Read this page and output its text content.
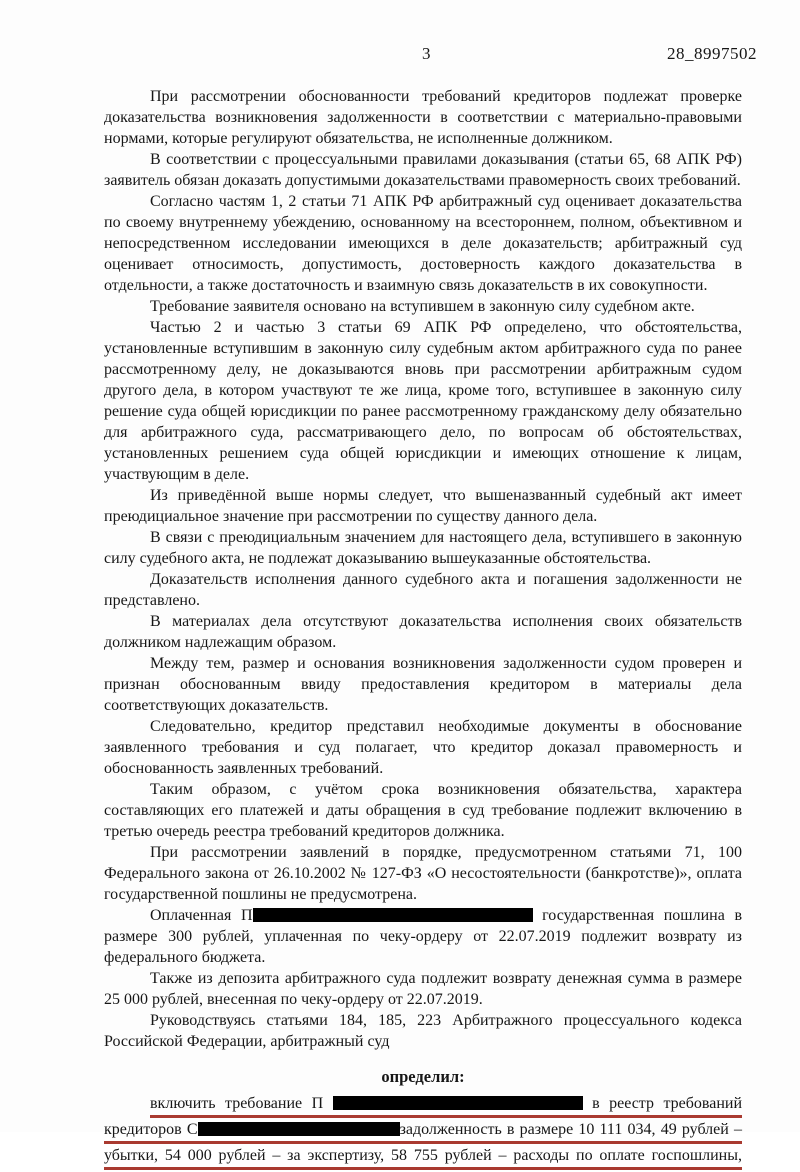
3	28_8997502

При рассмотрении обоснованности требований кредиторов подлежат проверке доказательства возникновения задолженности в соответствии с материально-правовыми нормами, которые регулируют обязательства, не исполненные должником.

В соответствии с процессуальными правилами доказывания (статьи 65, 68 АПК РФ) заявитель обязан доказать допустимыми доказательствами правомерность своих требований.

Согласно частям 1, 2 статьи 71 АПК РФ арбитражный суд оценивает доказательства по своему внутреннему убеждению, основанному на всестороннем, полном, объективном и непосредственном исследовании имеющихся в деле доказательств; арбитражный суд оценивает относимость, допустимость, достоверность каждого доказательства в отдельности, а также достаточность и взаимную связь доказательств в их совокупности.

Требование заявителя основано на вступившем в законную силу судебном акте.

Частью 2 и частью 3 статьи 69 АПК РФ определено, что обстоятельства, установленные вступившим в законную силу судебным актом арбитражного суда по ранее рассмотренному делу, не доказываются вновь при рассмотрении арбитражным судом другого дела, в котором участвуют те же лица, кроме того, вступившее в законную силу решение суда общей юрисдикции по ранее рассмотренному гражданскому делу обязательно для арбитражного суда, рассматривающего дело, по вопросам об обстоятельствах, установленных решением суда общей юрисдикции и имеющих отношение к лицам, участвующим в деле.

Из приведённой выше нормы следует, что вышеназванный судебный акт имеет преюдициальное значение при рассмотрении по существу данного дела.

В связи с преюдициальным значением для настоящего дела, вступившего в законную силу судебного акта, не подлежат доказыванию вышеуказанные обстоятельства.

Доказательств исполнения данного судебного акта и погашения задолженности не представлено.

В материалах дела отсутствуют доказательства исполнения своих обязательств должником надлежащим образом.

Между тем, размер и основания возникновения задолженности судом проверен и признан обоснованным ввиду предоставления кредитором в материалы дела соответствующих доказательств.

Следовательно, кредитор представил необходимые документы в обоснование заявленного требования и суд полагает, что кредитор доказал правомерность и обоснованность заявленных требований.

Таким образом, с учётом срока возникновения обязательства, характера составляющих его платежей и даты обращения в суд требование подлежит включению в третью очередь реестра требований кредиторов должника.

При рассмотрении заявлений в порядке, предусмотренном статьями 71, 100 Федерального закона от 26.10.2002 № 127-ФЗ «О несостоятельности (банкротстве)», оплата государственной пошлины не предусмотрена.

Оплаченная П	государственная пошлина в размере 300 рублей, уплаченная по чеку-ордеру от 22.07.2019 подлежит возврату из федерального бюджета.

Также из депозита арбитражного суда подлежит возврату денежная сумма в размере 25 000 рублей, внесенная по чеку-ордеру от 22.07.2019.

Руководствуясь статьями 184, 185, 223 Арбитражного процессуального кодекса Российской Федерации, арбитражный суд

определил:

включить требование П	в реестр требований
кредиторов С	задолженность в размере 10 111 034, 49 рублей –
убытки, 54 000 рублей – за экспертизу, 58 755 рублей – расходы по оплате госпошлины,
